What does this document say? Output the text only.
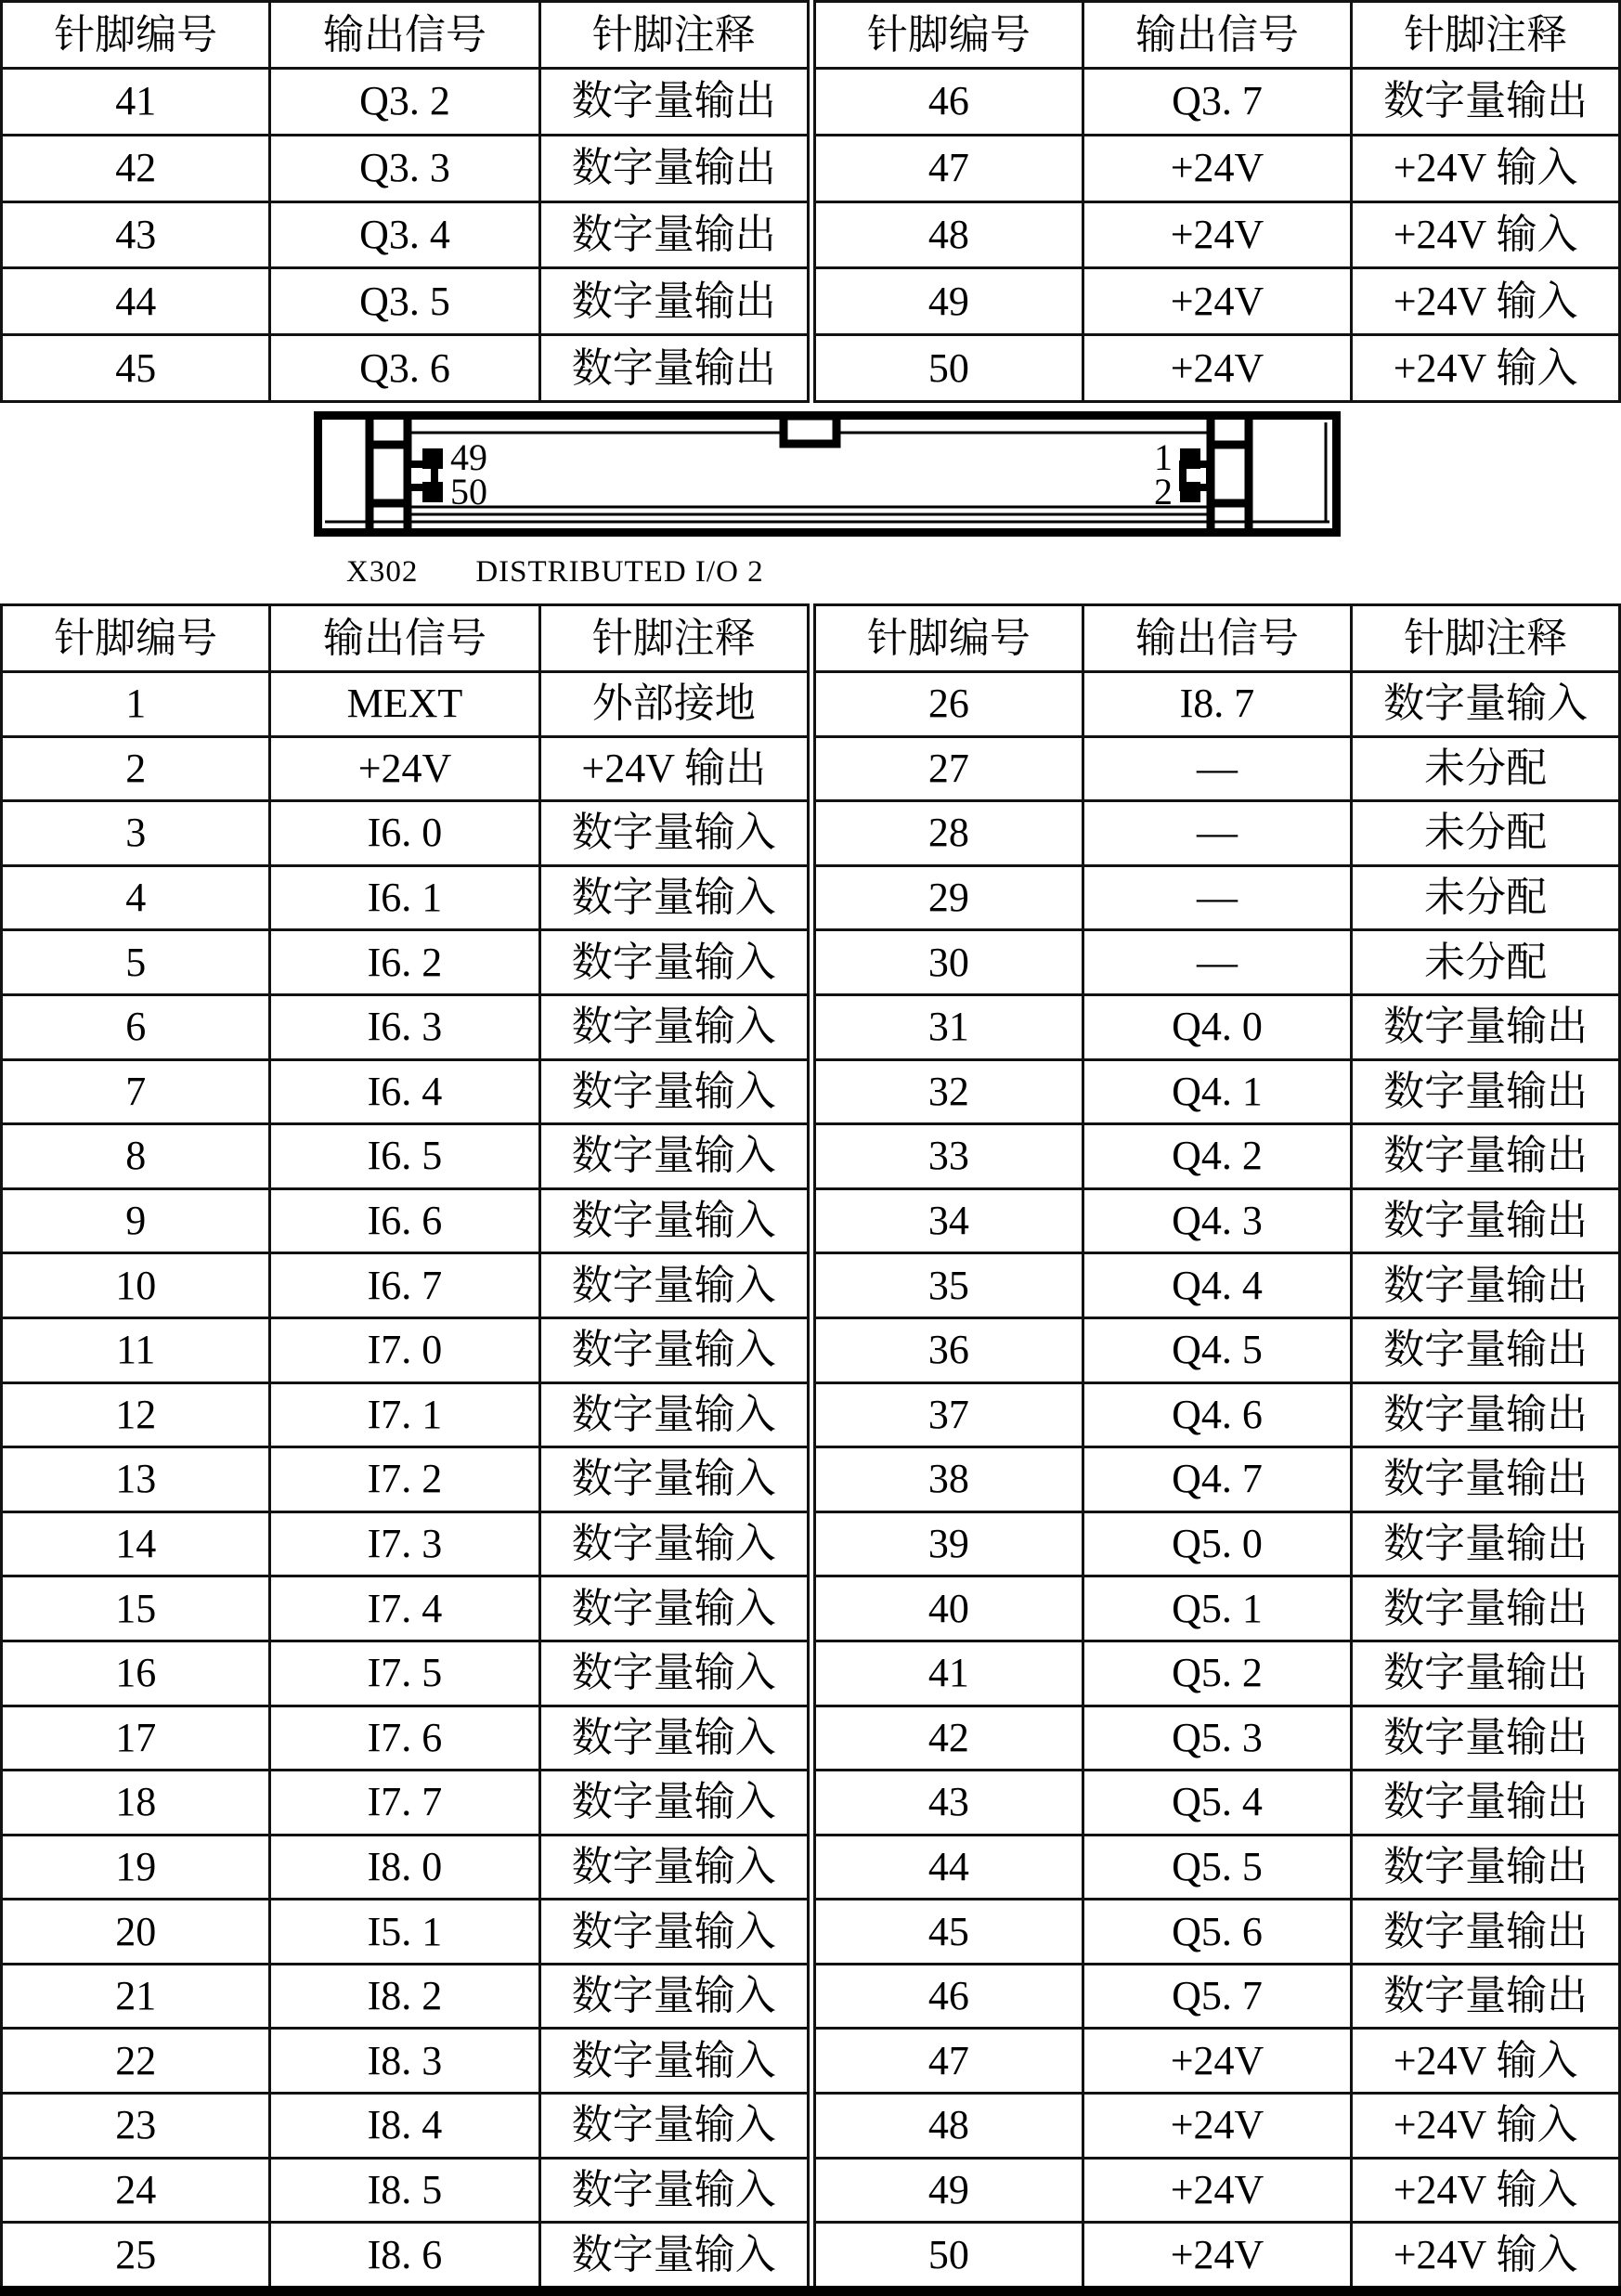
针脚编号	输出信号	针脚注释
41	Q3. 2	数字量输出
42	Q3. 3	数字量输出
43	Q3. 4	数字量输出
44	Q3. 5	数字量输出
45	Q3. 6	数字量输出
针脚编号	输出信号	针脚注释
46	Q3. 7	数字量输出
47	+24V	+24V 输入
48	+24V	+24V 输入
49	+24V	+24V 输入
50	+24V	+24V 输入
49
50
1
2
X302 DISTRIBUTED I/O 2
针脚编号	输出信号	针脚注释
1	MEXT	外部接地
2	+24V	+24V 输出
3	I6. 0	数字量输入
4	I6. 1	数字量输入
5	I6. 2	数字量输入
6	I6. 3	数字量输入
7	I6. 4	数字量输入
8	I6. 5	数字量输入
9	I6. 6	数字量输入
10	I6. 7	数字量输入
11	I7. 0	数字量输入
12	I7. 1	数字量输入
13	I7. 2	数字量输入
14	I7. 3	数字量输入
15	I7. 4	数字量输入
16	I7. 5	数字量输入
17	I7. 6	数字量输入
18	I7. 7	数字量输入
19	I8. 0	数字量输入
20	I5. 1	数字量输入
21	I8. 2	数字量输入
22	I8. 3	数字量输入
23	I8. 4	数字量输入
24	I8. 5	数字量输入
25	I8. 6	数字量输入
针脚编号	输出信号	针脚注释
26	I8. 7	数字量输入
27	—	未分配
28	—	未分配
29	—	未分配
30	—	未分配
31	Q4. 0	数字量输出
32	Q4. 1	数字量输出
33	Q4. 2	数字量输出
34	Q4. 3	数字量输出
35	Q4. 4	数字量输出
36	Q4. 5	数字量输出
37	Q4. 6	数字量输出
38	Q4. 7	数字量输出
39	Q5. 0	数字量输出
40	Q5. 1	数字量输出
41	Q5. 2	数字量输出
42	Q5. 3	数字量输出
43	Q5. 4	数字量输出
44	Q5. 5	数字量输出
45	Q5. 6	数字量输出
46	Q5. 7	数字量输出
47	+24V	+24V 输入
48	+24V	+24V 输入
49	+24V	+24V 输入
50	+24V	+24V 输入
